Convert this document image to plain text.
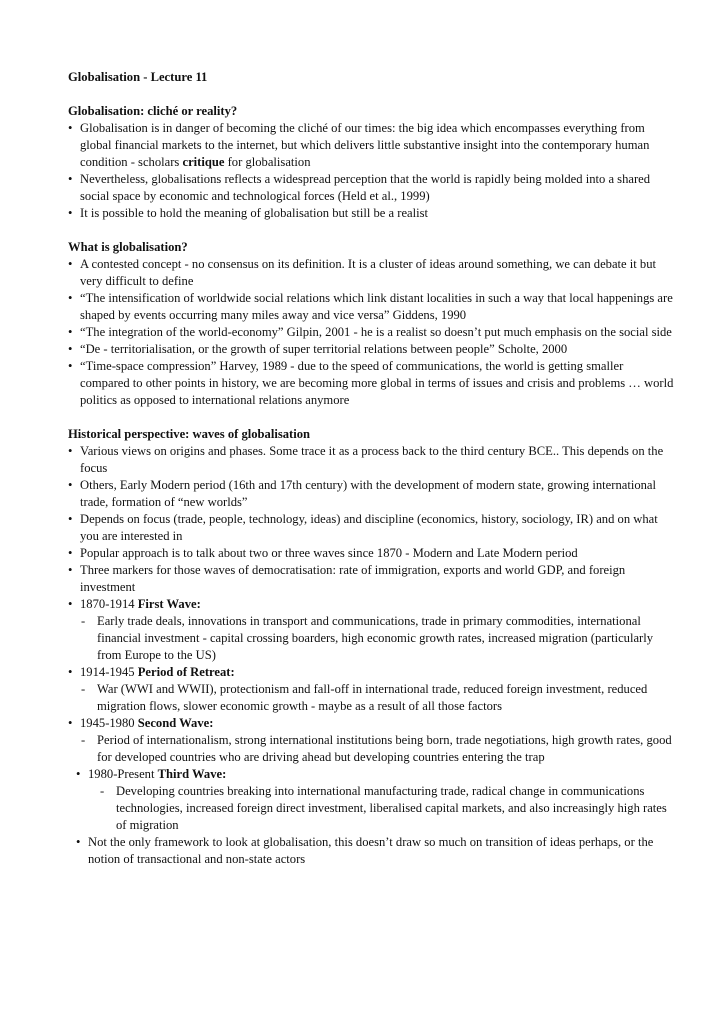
Globalisation - Lecture 11
Globalisation: cliché or reality?
• Globalisation is in danger of becoming the cliché of our times: the big idea which encompasses everything from global financial markets to the internet, but which delivers little substantive insight into the contemporary human condition - scholars critique for globalisation
• Nevertheless, globalisations reflects a widespread perception that the world is rapidly being molded into a shared social space by economic and technological forces (Held et al., 1999)
• It is possible to hold the meaning of globalisation but still be a realist
What is globalisation?
• A contested concept - no consensus on its definition. It is a cluster of ideas around something, we can debate it but very difficult to define
• “The intensification of worldwide social relations which link distant localities in such a way that local happenings are shaped by events occurring many miles away and vice versa” Giddens, 1990
• “The integration of the world-economy” Gilpin, 2001 - he is a realist so doesn’t put much emphasis on the social side
• “De - territorialisation, or the growth of super territorial relations between people” Scholte, 2000
• “Time-space compression” Harvey, 1989 - due to the speed of communications, the world is getting smaller compared to other points in history, we are becoming more global in terms of issues and crisis and problems … world politics as opposed to international relations anymore
Historical perspective: waves of globalisation
• Various views on origins and phases. Some trace it as a process back to the third century BCE.. This depends on the focus
• Others, Early Modern period (16th and 17th century) with the development of modern state, growing international trade, formation of “new worlds”
• Depends on focus (trade, people, technology, ideas) and discipline (economics, history, sociology, IR) and on what you are interested in
• Popular approach is to talk about two or three waves since 1870 - Modern and Late Modern period
• Three markers for those waves of democratisation: rate of immigration, exports and world GDP, and foreign investment
• 1870-1914 First Wave:
- Early trade deals, innovations in transport and communications, trade in primary commodities, international financial investment - capital crossing boarders, high economic growth rates, increased migration (particularly from Europe to the US)
• 1914-1945 Period of Retreat:
- War (WWI and WWII), protectionism and fall-off in international trade, reduced foreign investment, reduced migration flows, slower economic growth - maybe as a result of all those factors
• 1945-1980 Second Wave:
- Period of internationalism, strong international institutions being born, trade negotiations, high growth rates, good for developed countries who are driving ahead but developing countries entering the trap
• 1980-Present Third Wave:
- Developing countries breaking into international manufacturing trade, radical change in communications technologies, increased foreign direct investment, liberalised capital markets, and also increasingly high rates of migration
• Not the only framework to look at globalisation, this doesn’t draw so much on transition of ideas perhaps, or the notion of transactional and non-state actors
